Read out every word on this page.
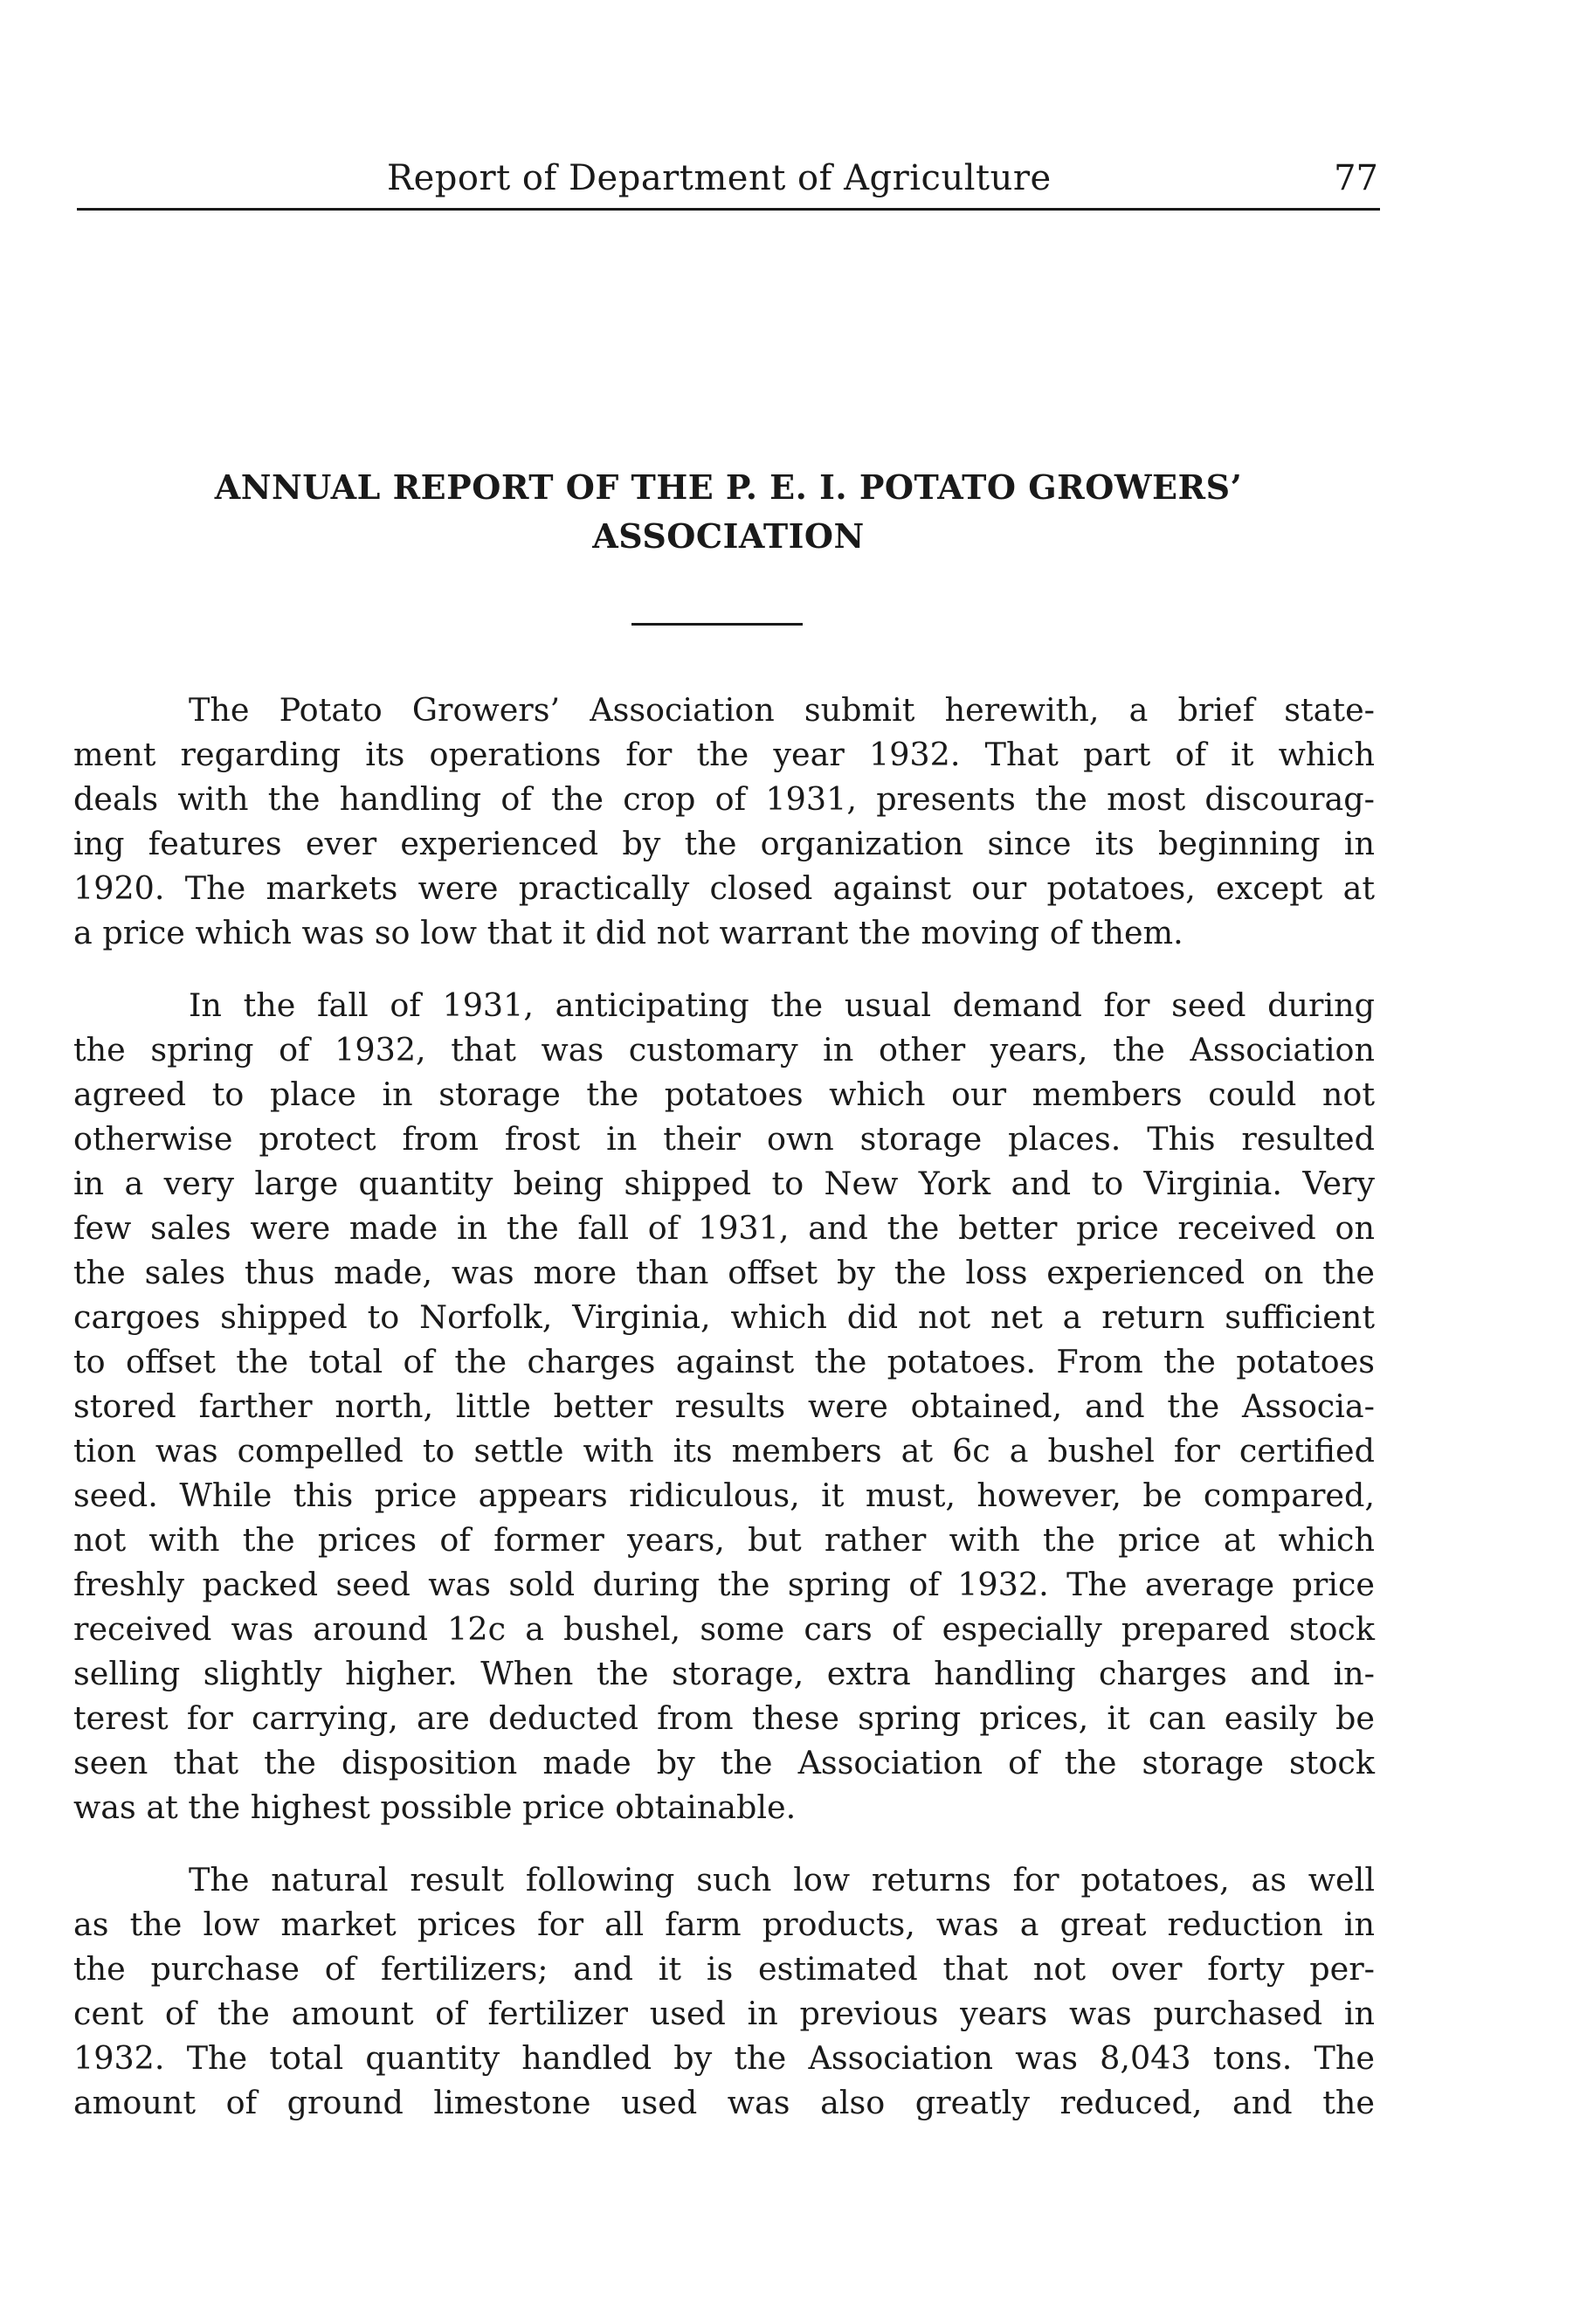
Report of Department of Agriculture	77
ANNUAL REPORT OF THE P. E. I. POTATO GROWERS’
ASSOCIATION
The Potato Growers’ Association submit herewith, a brief state-
ment regarding its operations for the year 1932. That part of it which
deals with the handling of the crop of 1931, presents the most discourag-
ing features ever experienced by the organization since its beginning in
1920. The markets were practically closed against our potatoes, except at
a price which was so low that it did not warrant the moving of them.
In the fall of 1931, anticipating the usual demand for seed during
the spring of 1932, that was customary in other years, the Association
agreed to place in storage the potatoes which our members could not
otherwise protect from frost in their own storage places. This resulted
in a very large quantity being shipped to New York and to Virginia. Very
few sales were made in the fall of 1931, and the better price received on
the sales thus made, was more than offset by the loss experienced on the
cargoes shipped to Norfolk, Virginia, which did not net a return sufficient
to offset the total of the charges against the potatoes. From the potatoes
stored farther north, little better results were obtained, and the Associa-
tion was compelled to settle with its members at 6c a bushel for certified
seed. While this price appears ridiculous, it must, however, be compared,
not with the prices of former years, but rather with the price at which
freshly packed seed was sold during the spring of 1932. The average price
received was around 12c a bushel, some cars of especially prepared stock
selling slightly higher. When the storage, extra handling charges and in-
terest for carrying, are deducted from these spring prices, it can easily be
seen that the disposition made by the Association of the storage stock
was at the highest possible price obtainable.
The natural result following such low returns for potatoes, as well
as the low market prices for all farm products, was a great reduction in
the purchase of fertilizers; and it is estimated that not over forty per-
cent of the amount of fertilizer used in previous years was purchased in
1932. The total quantity handled by the Association was 8,043 tons. The
amount of ground limestone used was also greatly reduced, and the
